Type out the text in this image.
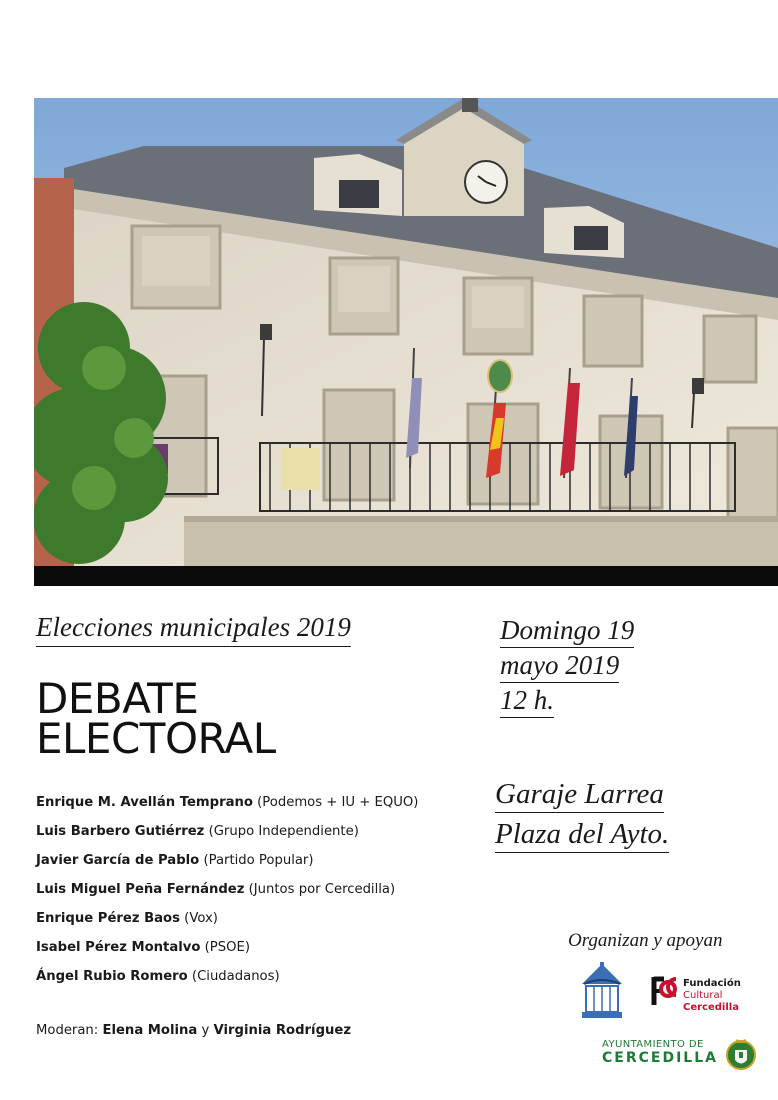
Elecciones municipales 2019
DEBATE
ELECTORAL
Domingo 19
mayo 2019
12 h.
Garaje Larrea
Plaza del Ayto.
Enrique M. Avellán Temprano (Podemos + IU + EQUO)
Luis Barbero Gutiérrez (Grupo Independiente)
Javier García de Pablo (Partido Popular)
Luis Miguel Peña Fernández (Juntos por Cercedilla)
Enrique Pérez Baos (Vox)
Isabel Pérez Montalvo (PSOE)
Ángel Rubio Romero (Ciudadanos)
Moderan: Elena Molina y Virginia Rodríguez
Organizan y apoyan
Fundación
Cultural
Cercedilla
AYUNTAMIENTO DE
CERCEDILLA
